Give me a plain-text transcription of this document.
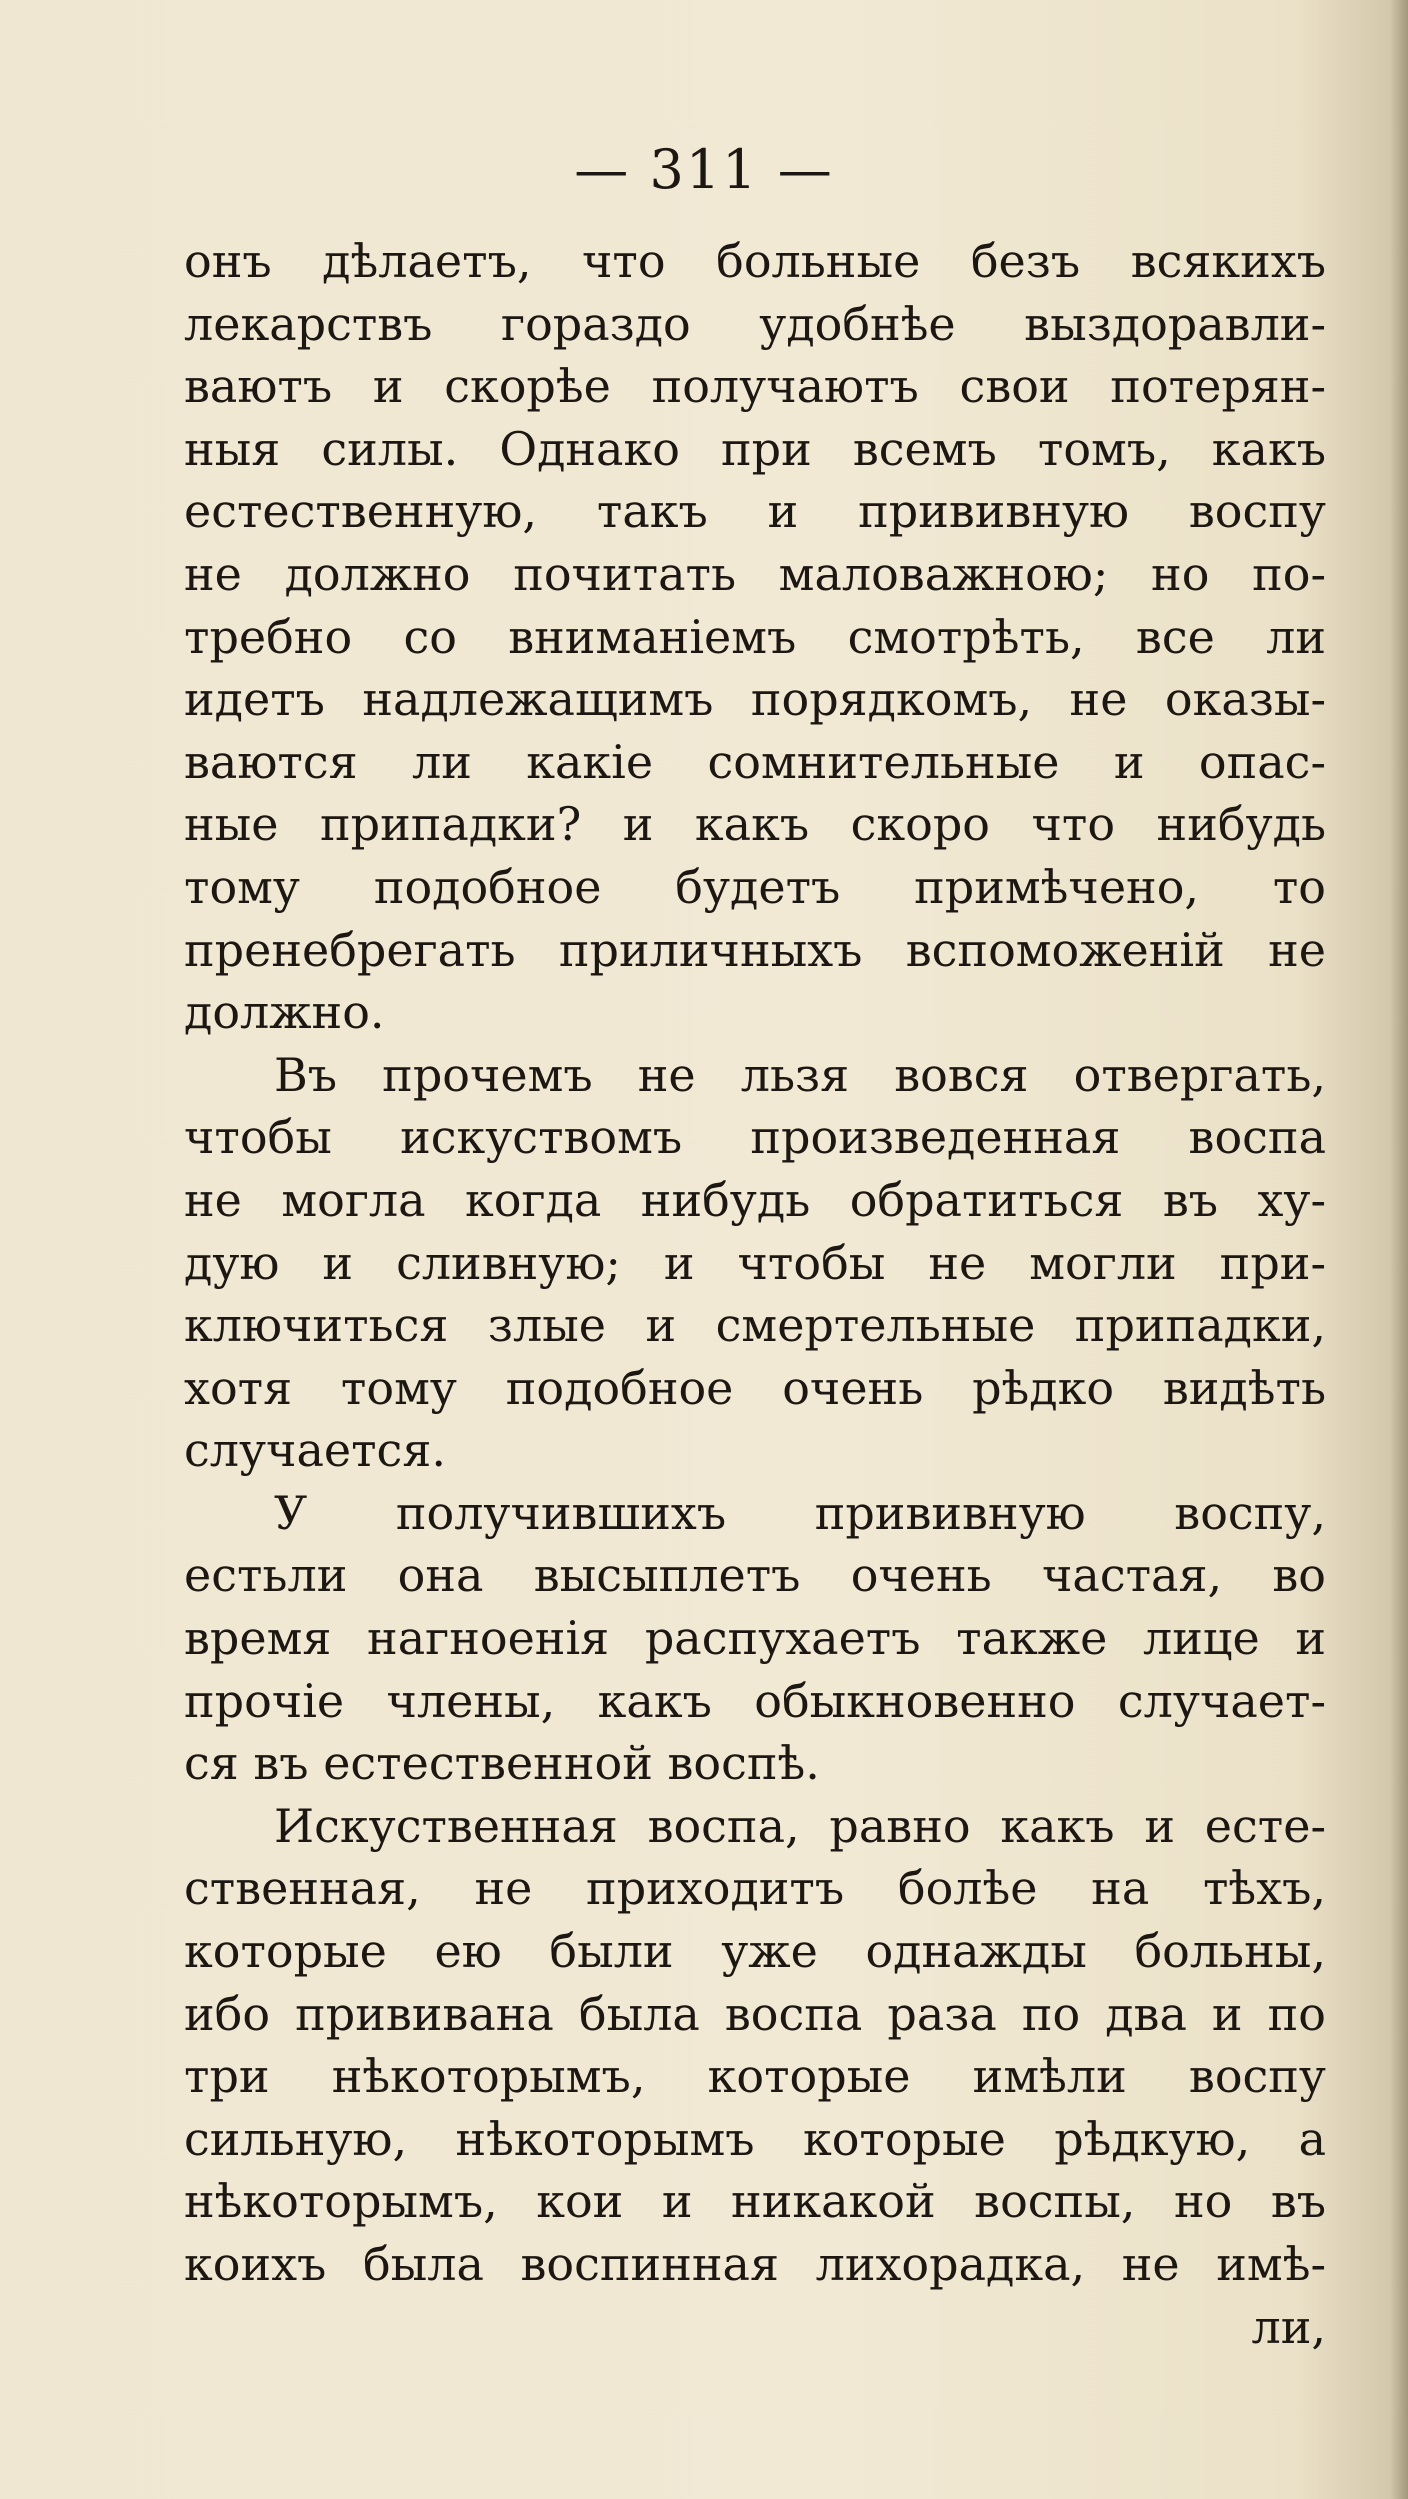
— 311 —
онъ дѣлаетъ, что больные безъ всякихъ
лекарствъ гораздо удобнѣе выздоравли-
ваютъ и скорѣе получаютъ свои потерян-
ныя силы. Однако при всемъ томъ, какъ
естественную, такъ и прививную воспу
не должно почитать маловажною; но по-
требно со вниманіемъ смотрѣть, все ли
идетъ надлежащимъ порядкомъ, не оказы-
ваются ли какіе сомнительные и опас-
ные припадки? и какъ скоро что нибудь
тому подобное будетъ примѣчено, то
пренебрегать приличныхъ вспоможеній не
должно.
Въ прочемъ не льзя вовся отвергать,
чтобы искуствомъ произведенная воспа
не могла когда нибудь обратиться въ ху-
дую и сливную; и чтобы не могли при-
ключиться злые и смертельные припадки,
хотя тому подобное очень рѣдко видѣть
случается.
У получившихъ прививную воспу,
естьли она высыплетъ очень частая, во
время нагноенія распухаетъ также лице и
прочіе члены, какъ обыкновенно случает-
ся въ естественной воспѣ.
Искуственная воспа, равно какъ и есте-
ственная, не приходитъ болѣе на тѣхъ,
которые ею были уже однажды больны,
ибо прививана была воспа раза по два и по
три нѣкоторымъ, которые имѣли воспу
сильную, нѣкоторымъ которые рѣдкую, а
нѣкоторымъ, кои и никакой воспы, но въ
коихъ была воспинная лихорадка, не имѣ-
ли,
